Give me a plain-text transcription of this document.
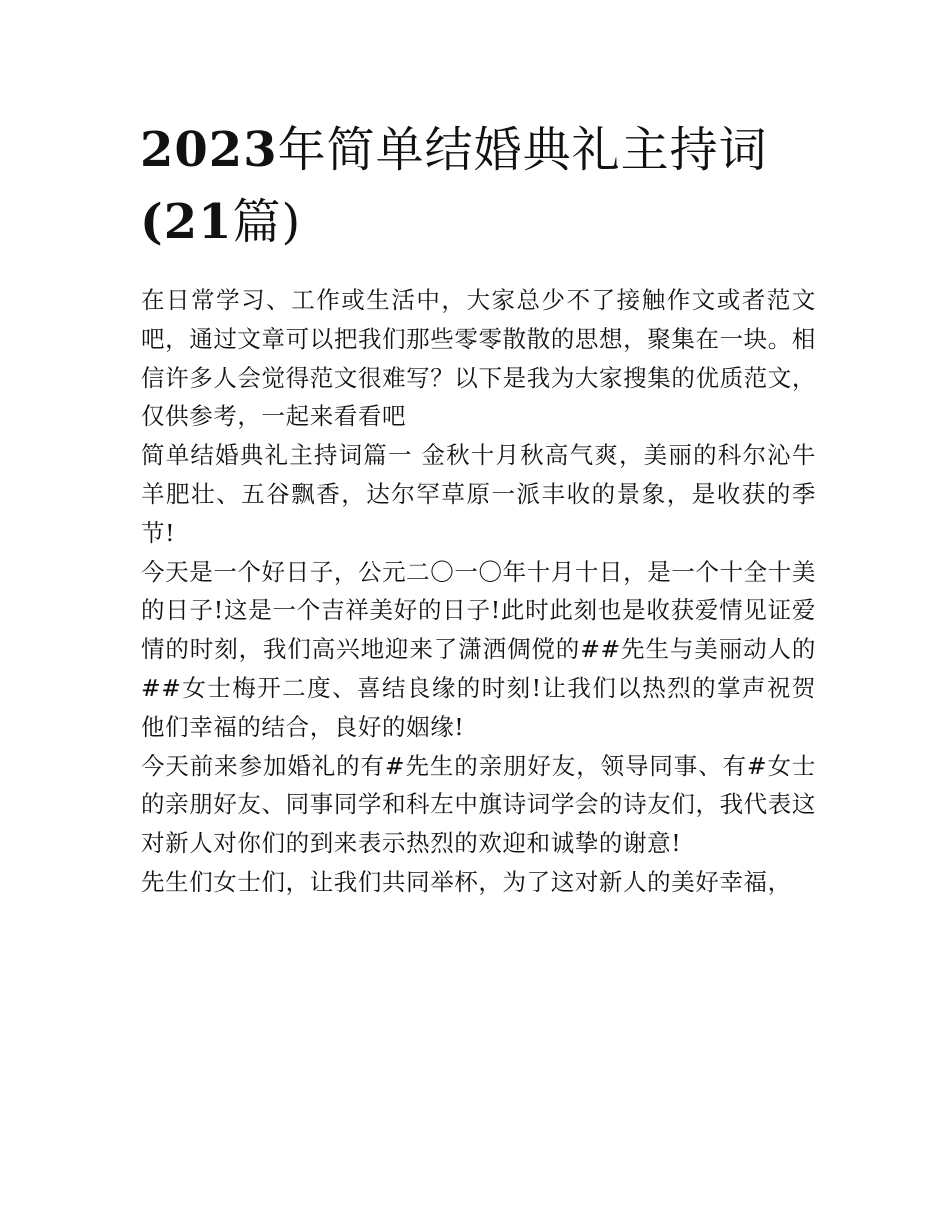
2023年简单结婚典礼主持词
(21篇)

在日常学习、工作或生活中，大家总少不了接触作文或者范文吧，通过文章可以把我们那些零零散散的思想，聚集在一块。相信许多人会觉得范文很难写？以下是我为大家搜集的优质范文，仅供参考，一起来看看吧

简单结婚典礼主持词篇一 金秋十月秋高气爽，美丽的科尔沁牛羊肥壮、五谷飘香，达尔罕草原一派丰收的景象，是收获的季节!

今天是一个好日子，公元二〇一〇年十月十日，是一个十全十美的日子!这是一个吉祥美好的日子!此时此刻也是收获爱情见证爱情的时刻，我们高兴地迎来了潇洒倜傥的##先生与美丽动人的##女士梅开二度、喜结良缘的时刻!让我们以热烈的掌声祝贺他们幸福的结合，良好的姻缘!

今天前来参加婚礼的有#先生的亲朋好友，领导同事、有#女士的亲朋好友、同事同学和科左中旗诗词学会的诗友们，我代表这对新人对你们的到来表示热烈的欢迎和诚挚的谢意!

先生们女士们，让我们共同举杯，为了这对新人的美好幸福，
